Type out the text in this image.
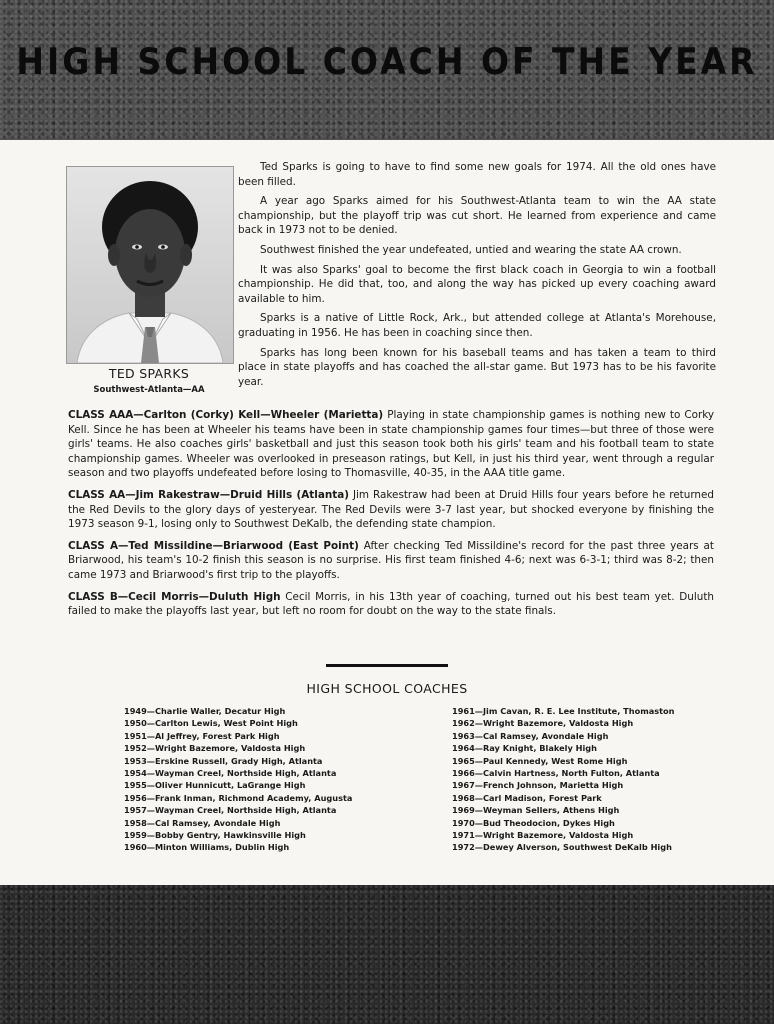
HIGH SCHOOL COACH OF THE YEAR
TED SPARKS
Southwest-Atlanta—AA

Ted Sparks is going to have to find some new goals for 1974. All the old ones have been filled.

A year ago Sparks aimed for his Southwest-Atlanta team to win the AA state championship, but the playoff trip was cut short. He learned from experience and came back in 1973 not to be denied.

Southwest finished the year undefeated, untied and wearing the state AA crown.

It was also Sparks' goal to become the first black coach in Georgia to win a football championship. He did that, too, and along the way has picked up every coaching award available to him.

Sparks is a native of Little Rock, Ark., but attended college at Atlanta's Morehouse, graduating in 1956. He has been in coaching since then.

Sparks has long been known for his baseball teams and has taken a team to third place in state playoffs and has coached the all-star game. But 1973 has to be his favorite year.

CLASS AAA—Carlton (Corky) Kell—Wheeler (Marietta) Playing in state championship games is nothing new to Corky Kell. Since he has been at Wheeler his teams have been in state championship games four times—but three of those were girls' teams. He also coaches girls' basketball and just this season took both his girls' team and his football team to state championship games. Wheeler was overlooked in preseason ratings, but Kell, in just his third year, went through a regular season and two playoffs undefeated before losing to Thomasville, 40-35, in the AAA title game.

CLASS AA—Jim Rakestraw—Druid Hills (Atlanta) Jim Rakestraw had been at Druid Hills four years before he returned the Red Devils to the glory days of yesteryear. The Red Devils were 3-7 last year, but shocked everyone by finishing the 1973 season 9-1, losing only to Southwest DeKalb, the defending state champion.

CLASS A—Ted Missildine—Briarwood (East Point) After checking Ted Missildine's record for the past three years at Briarwood, his team's 10-2 finish this season is no surprise. His first team finished 4-6; next was 6-3-1; third was 8-2; then came 1973 and Briarwood's first trip to the playoffs.

CLASS B—Cecil Morris—Duluth High Cecil Morris, in his 13th year of coaching, turned out his best team yet. Duluth failed to make the playoffs last year, but left no room for doubt on the way to the state finals.

HIGH SCHOOL COACHES
1949—Charlie Waller, Decatur High
1950—Carlton Lewis, West Point High
1951—Al Jeffrey, Forest Park High
1952—Wright Bazemore, Valdosta High
1953—Erskine Russell, Grady High, Atlanta
1954—Wayman Creel, Northside High, Atlanta
1955—Oliver Hunnicutt, LaGrange High
1956—Frank Inman, Richmond Academy, Augusta
1957—Wayman Creel, Northside High, Atlanta
1958—Cal Ramsey, Avondale High
1959—Bobby Gentry, Hawkinsville High
1960—Minton Williams, Dublin High
1961—Jim Cavan, R. E. Lee Institute, Thomaston
1962—Wright Bazemore, Valdosta High
1963—Cal Ramsey, Avondale High
1964—Ray Knight, Blakely High
1965—Paul Kennedy, West Rome High
1966—Calvin Hartness, North Fulton, Atlanta
1967—French Johnson, Marietta High
1968—Carl Madison, Forest Park
1969—Weyman Sellers, Athens High
1970—Bud Theodocion, Dykes High
1971—Wright Bazemore, Valdosta High
1972—Dewey Alverson, Southwest DeKalb High
